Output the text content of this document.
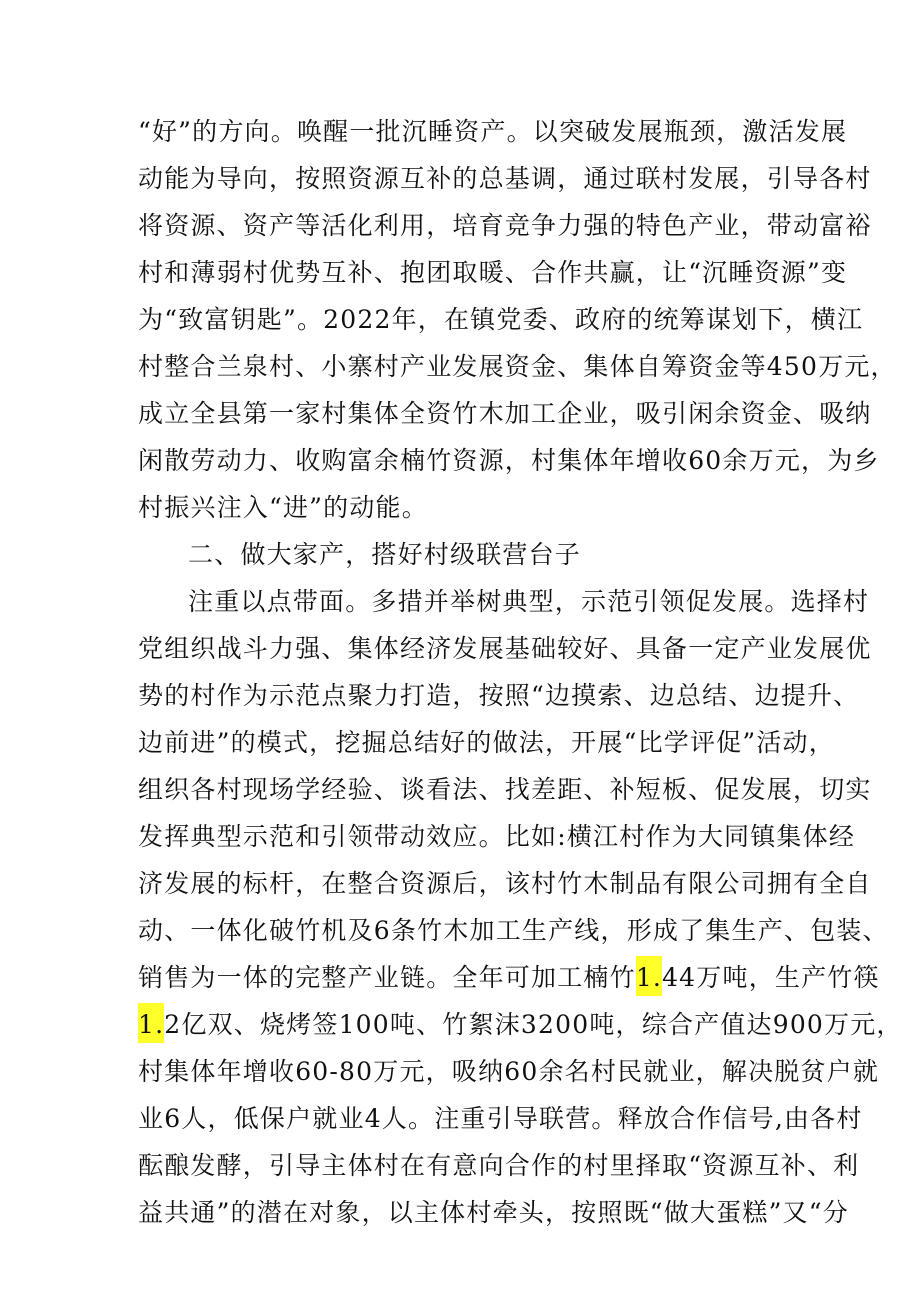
“好”的方向。唤醒一批沉睡资产。以突破发展瓶颈，激活发展
动能为导向，按照资源互补的总基调，通过联村发展，引导各村
将资源、资产等活化利用，培育竞争力强的特色产业，带动富裕
村和薄弱村优势互补、抱团取暖、合作共赢，让“沉睡资源”变
为“致富钥匙”。2022年，在镇党委、政府的统筹谋划下，横江
村整合兰泉村、小寨村产业发展资金、集体自筹资金等450万元，
成立全县第一家村集体全资竹木加工企业，吸引闲余资金、吸纳
闲散劳动力、收购富余楠竹资源，村集体年增收60余万元，为乡
村振兴注入“进”的动能。
二、做大家产，搭好村级联营台子
注重以点带面。多措并举树典型，示范引领促发展。选择村
党组织战斗力强、集体经济发展基础较好、具备一定产业发展优
势的村作为示范点聚力打造，按照“边摸索、边总结、边提升、
边前进”的模式，挖掘总结好的做法，开展“比学评促”活动，
组织各村现场学经验、谈看法、找差距、补短板、促发展，切实
发挥典型示范和引领带动效应。比如:横江村作为大同镇集体经
济发展的标杆，在整合资源后，该村竹木制品有限公司拥有全自
动、一体化破竹机及6条竹木加工生产线，形成了集生产、包装、
销售为一体的完整产业链。全年可加工楠竹1.44万吨，生产竹筷
1.2亿双、烧烤签100吨、竹絮沫3200吨，综合产值达900万元，
村集体年增收60-80万元，吸纳60余名村民就业，解决脱贫户就
业6人，低保户就业4人。注重引导联营。释放合作信号,由各村
酝酿发酵，引导主体村在有意向合作的村里择取“资源互补、利
益共通”的潜在对象，以主体村牵头，按照既“做大蛋糕”又“分
